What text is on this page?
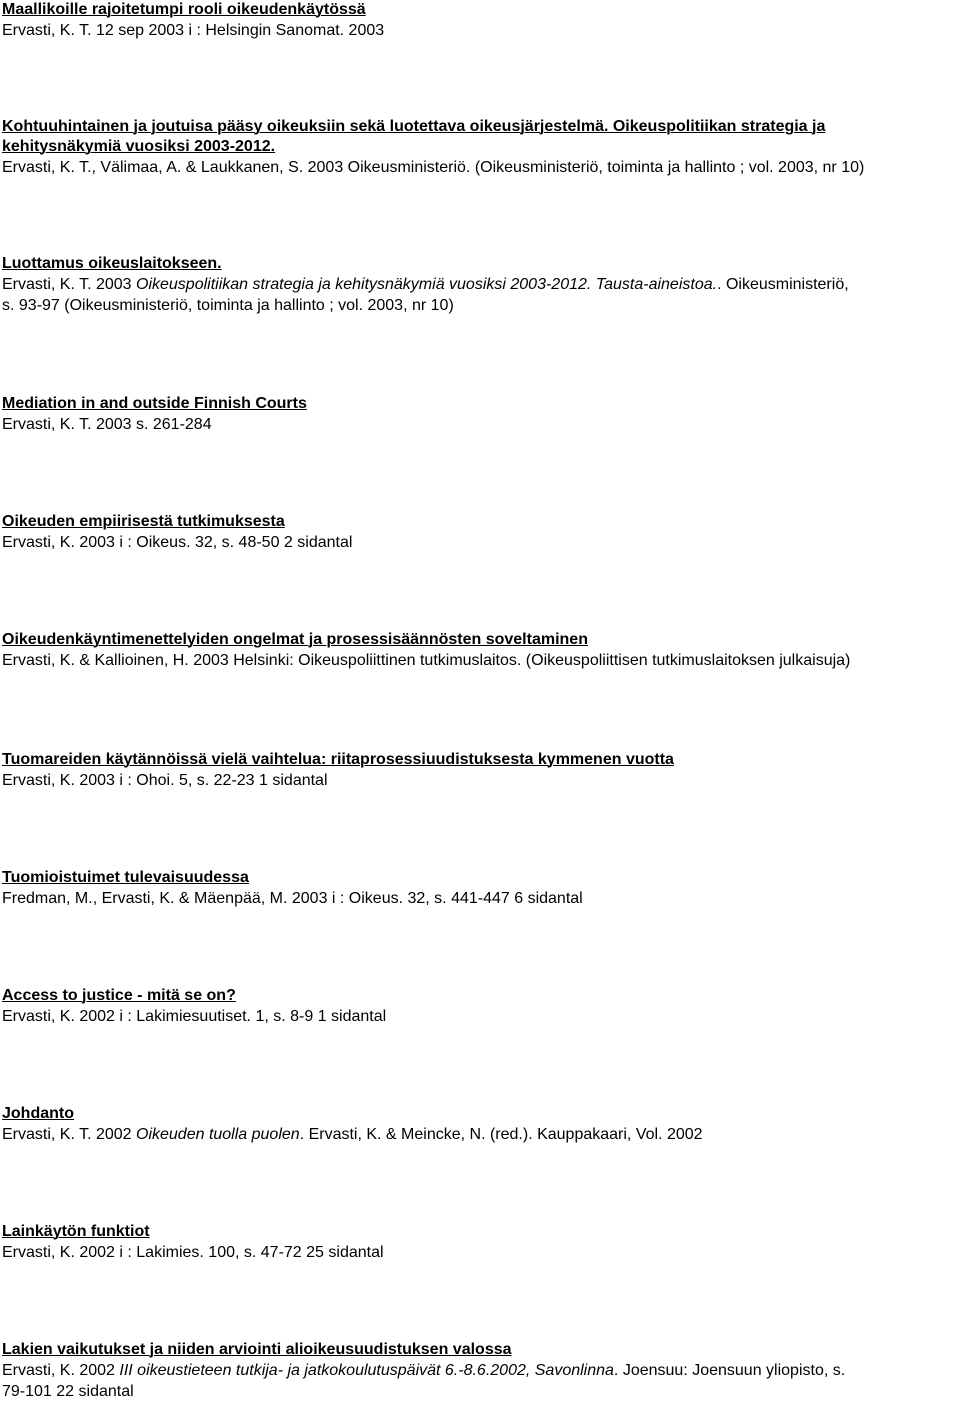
Maallikoille rajoitetumpi rooli oikeudenkäytössä
Ervasti, K. T. 12 sep 2003 i : Helsingin Sanomat. 2003
Kohtuuhintainen ja joutuisa pääsy oikeuksiin sekä luotettava oikeusjärjestelmä. Oikeuspolitiikan strategia ja
kehitysnäkymiä vuosiksi 2003-2012.
Ervasti, K. T., Välimaa, A. & Laukkanen, S. 2003 Oikeusministeriö. (Oikeusministeriö, toiminta ja hallinto ; vol. 2003, nr 10)
Luottamus oikeuslaitokseen.
Ervasti, K. T. 2003 Oikeuspolitiikan strategia ja kehitysnäkymiä vuosiksi 2003-2012. Tausta-aineistoa.. Oikeusministeriö,
s. 93-97 (Oikeusministeriö, toiminta ja hallinto ; vol. 2003, nr 10)
Mediation in and outside Finnish Courts
Ervasti, K. T. 2003 s. 261-284
Oikeuden empiirisestä tutkimuksesta
Ervasti, K. 2003 i : Oikeus. 32, s. 48-50 2 sidantal
Oikeudenkäyntimenettelyiden ongelmat ja prosessisäännösten soveltaminen
Ervasti, K. & Kallioinen, H. 2003 Helsinki: Oikeuspoliittinen tutkimuslaitos. (Oikeuspoliittisen tutkimuslaitoksen julkaisuja)
Tuomareiden käytännöissä vielä vaihtelua: riitaprosessiuudistuksesta kymmenen vuotta
Ervasti, K. 2003 i : Ohoi. 5, s. 22-23 1 sidantal
Tuomioistuimet tulevaisuudessa
Fredman, M., Ervasti, K. & Mäenpää, M. 2003 i : Oikeus. 32, s. 441-447 6 sidantal
Access to justice - mitä se on?
Ervasti, K. 2002 i : Lakimiesuutiset. 1, s. 8-9 1 sidantal
Johdanto
Ervasti, K. T. 2002 Oikeuden tuolla puolen. Ervasti, K. & Meincke, N. (red.). Kauppakaari, Vol. 2002
Lainkäytön funktiot
Ervasti, K. 2002 i : Lakimies. 100, s. 47-72 25 sidantal
Lakien vaikutukset ja niiden arviointi alioikeusuudistuksen valossa
Ervasti, K. 2002 III oikeustieteen tutkija- ja jatkokoulutuspäivät 6.-8.6.2002, Savonlinna. Joensuu: Joensuun yliopisto, s.
79-101 22 sidantal
